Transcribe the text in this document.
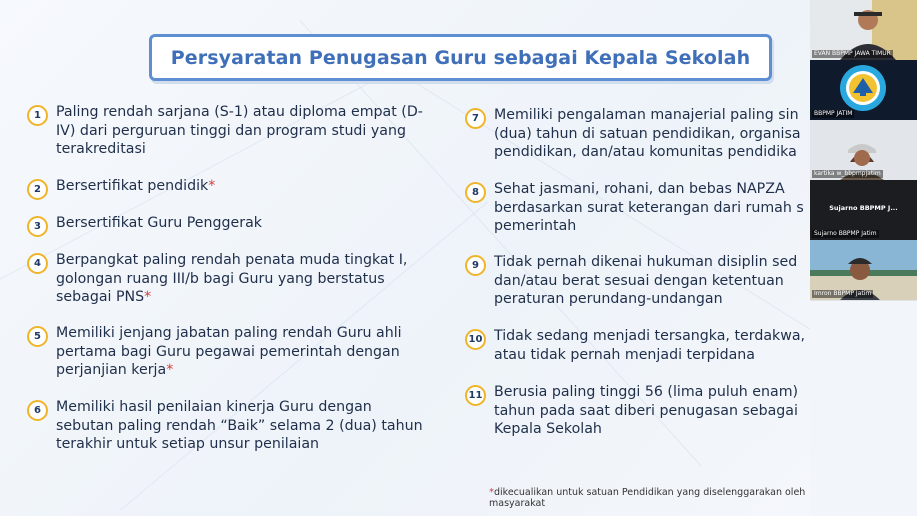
Persyaratan Penugasan Guru sebagai Kepala Sekolah
1	Paling rendah sarjana (S-1) atau diploma empat (D-IV) dari perguruan tinggi dan program studi yang terakreditasi
2	Bersertifikat pendidik*
3	Bersertifikat Guru Penggerak
4	Berpangkat paling rendah penata muda tingkat I, golongan ruang III/b bagi Guru yang berstatus sebagai PNS*
5	Memiliki jenjang jabatan paling rendah Guru ahli pertama bagi Guru pegawai pemerintah dengan perjanjian kerja*
6	Memiliki hasil penilaian kinerja Guru dengan sebutan paling rendah “Baik” selama 2 (dua) tahun terakhir untuk setiap unsur penilaian
7	Memiliki pengalaman manajerial paling sin (dua) tahun di satuan pendidikan, organisa pendidikan, dan/atau komunitas pendidika
8	Sehat jasmani, rohani, dan bebas NAPZA berdasarkan surat keterangan dari rumah s pemerintah
9	Tidak pernah dikenai hukuman disiplin sed dan/atau berat sesuai dengan ketentuan peraturan perundang-undangan
10 Tidak sedang menjadi tersangka, terdakwa, atau tidak pernah menjadi terpidana
11 Berusia paling tinggi 56 (lima puluh enam) tahun pada saat diberi penugasan sebagai Kepala Sekolah
*dikecualikan untuk satuan Pendidikan yang diselenggarakan oleh masyarakat
EVAN BBPMP JAWA TIMUR
BBPMP JATIM
kartika w_bbpmpjatim
Sujarno BBPMP J...
Sujarno BBPMP Jatim
Imron BBPMP Jatim
